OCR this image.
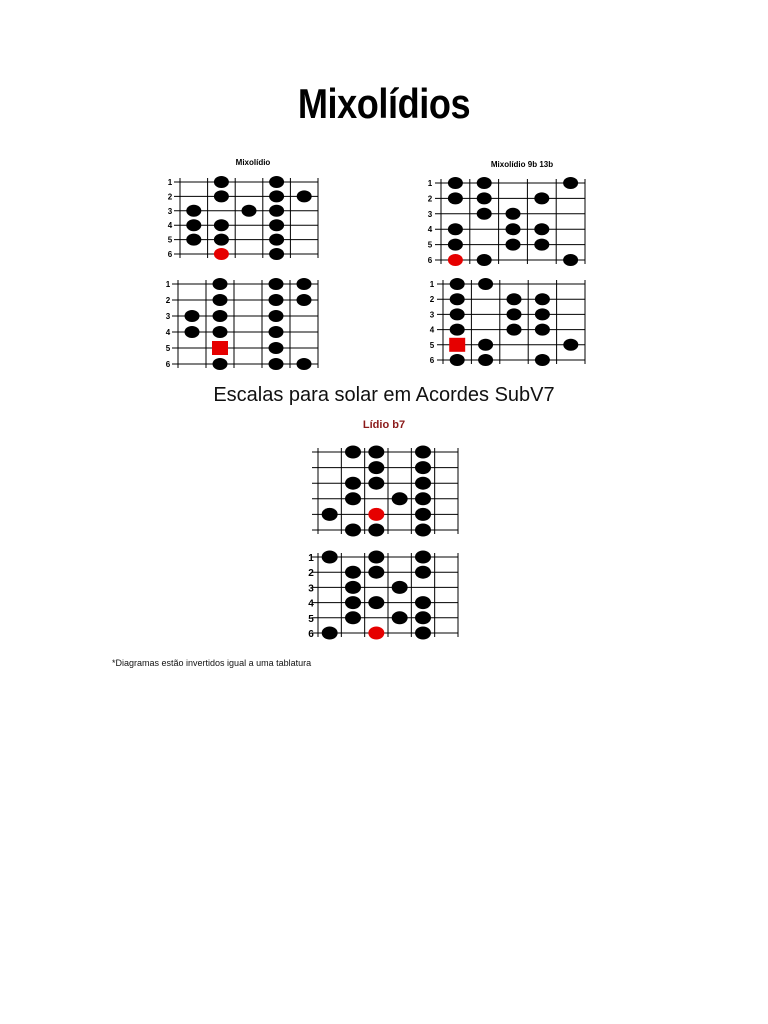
Mixolídios
Mixolídio
1
2
3
4
5
6
1
2
3
4
5
6
Mixolídio 9b 13b
1
2
3
4
5
6
1
2
3
4
5
6
1
2
3
4
5
6
Escalas para solar em Acordes SubV7
Lídio b7
*Diagramas estão invertidos igual a uma tablatura
